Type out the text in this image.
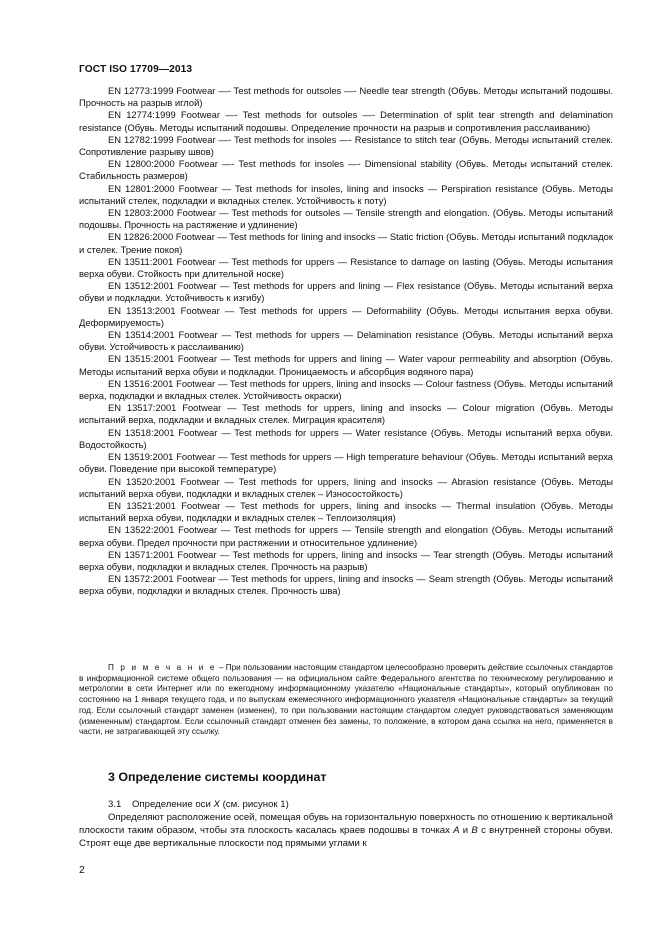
ГОСТ ISO 17709—2013

EN 12773:1999 Footwear —- Test methods for outsoles —- Needle tear strength (Обувь. Методы испытаний подошвы. Прочность на разрыв иглой)

EN 12774:1999 Footwear —- Test methods for outsoles —- Determination of split tear strength and delamination resistance (Обувь. Методы испытаний подошвы. Определение прочности на разрыв и сопротивления расслаиванию)

EN 12782:1999 Footwear —- Test methods for insoles —- Resistance to stitch tear (Обувь. Методы испытаний стелек. Сопротивление разрыву швов)

EN 12800:2000 Footwear —- Test methods for insoles —- Dimensional stability (Обувь. Методы испытаний стелек. Стабильность размеров)

EN 12801:2000 Footwear — Test methods for insoles, lining and insocks — Perspiration resistance (Обувь. Методы испытаний стелек, подкладки и вкладных стелек. Устойчивость к поту)

EN 12803:2000 Footwear — Test methods for outsoles — Tensile strength and elongation. (Обувь. Методы испытаний подошвы. Прочность на растяжение и удлинение)

EN 12826:2000 Footwear — Test methods for lining and insocks — Static friction (Обувь. Методы испытаний подкладок и стелек. Трение покоя)

EN 13511:2001 Footwear — Test methods for uppers — Resistance to damage on lasting (Обувь. Методы испытания верха обуви. Стойкость при длительной носке)

EN 13512:2001 Footwear — Test methods for uppers and lining — Flex resistance (Обувь. Методы испытаний верха обуви и подкладки. Устойчивость к изгибу)

EN 13513:2001 Footwear — Test methods for uppers — Deformability (Обувь. Методы испытания верха обуви. Деформируемость)

EN 13514:2001 Footwear — Test methods for uppers — Delamination resistance (Обувь. Методы испытаний верха обуви. Устойчивость к расслаиванию)

EN 13515:2001 Footwear — Test methods for uppers and lining — Water vapour permeability and absorption (Обувь. Методы испытаний верха обуви и подкладки. Проницаемость и абсорбция водяного пара)

EN 13516:2001 Footwear — Test methods for uppers, lining and insocks — Colour fastness (Обувь. Методы испытаний верха, подкладки и вкладных стелек. Устойчивость окраски)

EN 13517:2001 Footwear — Test methods for uppers, lining and insocks — Colour migration (Обувь. Методы испытаний верха, подкладки и вкладных стелек. Миграция красителя)

EN 13518:2001 Footwear — Test methods for uppers — Water resistance (Обувь. Методы испытаний верха обуви. Водостойкость)

EN 13519:2001 Footwear — Test methods for uppers — High temperature behaviour (Обувь. Методы испытаний верха обуви. Поведение при высокой температуре)

EN 13520:2001 Footwear — Test methods for uppers, lining and insocks — Abrasion resistance (Обувь. Методы испытаний верха обуви, подкладки и вкладных стелек – Износостойкость)

EN 13521:2001 Footwear — Test methods for uppers, lining and insocks — Thermal insulation (Обувь. Методы испытаний верха обуви, подкладки и вкладных стелек – Теплоизоляция)

EN 13522:2001 Footwear — Test methods for uppers — Tensile strength and elongation (Обувь. Методы испытаний верха обуви. Предел прочности при растяжении и относительное удлинение)

EN 13571:2001 Footwear — Test methods for uppers, lining and insocks — Tear strength (Обувь. Методы испытаний верха обуви, подкладки и вкладных стелек. Прочность на разрыв)

EN 13572:2001 Footwear — Test methods for uppers, lining and insocks — Seam strength (Обувь. Методы испытаний верха обуви, подкладки и вкладных стелек. Прочность шва)

П р и м е ч а н и е – При пользовании настоящим стандартом целесообразно проверить действие ссылочных стандартов в информационной системе общего пользования — на официальном сайте Федерального агентства по техническому регулированию и метрологии в сети Интернет или по ежегодному информационному указателю «Национальные стандарты», который опубликован по состоянию на 1 января текущего года, и по выпускам ежемесячного информационного указателя «Национальные стандарты» за текущий год. Если ссылочный стандарт заменен (изменен), то при пользовании настоящим стандартом следует руководствоваться заменяющим (измененным) стандартом. Если ссылочный стандарт отменен без замены, то положение, в котором дана ссылка на него, применяется в части, не затрагивающей эту ссылку.

3 Определение системы координат

3.1 Определение оси X (см. рисунок 1)

Определяют расположение осей, помещая обувь на горизонтальную поверхность по отношению к вертикальной плоскости таким образом, чтобы эта плоскость касалась краев подошвы в точках A и B с внутренней стороны обуви. Строят еще две вертикальные плоскости под прямыми углами к

2
